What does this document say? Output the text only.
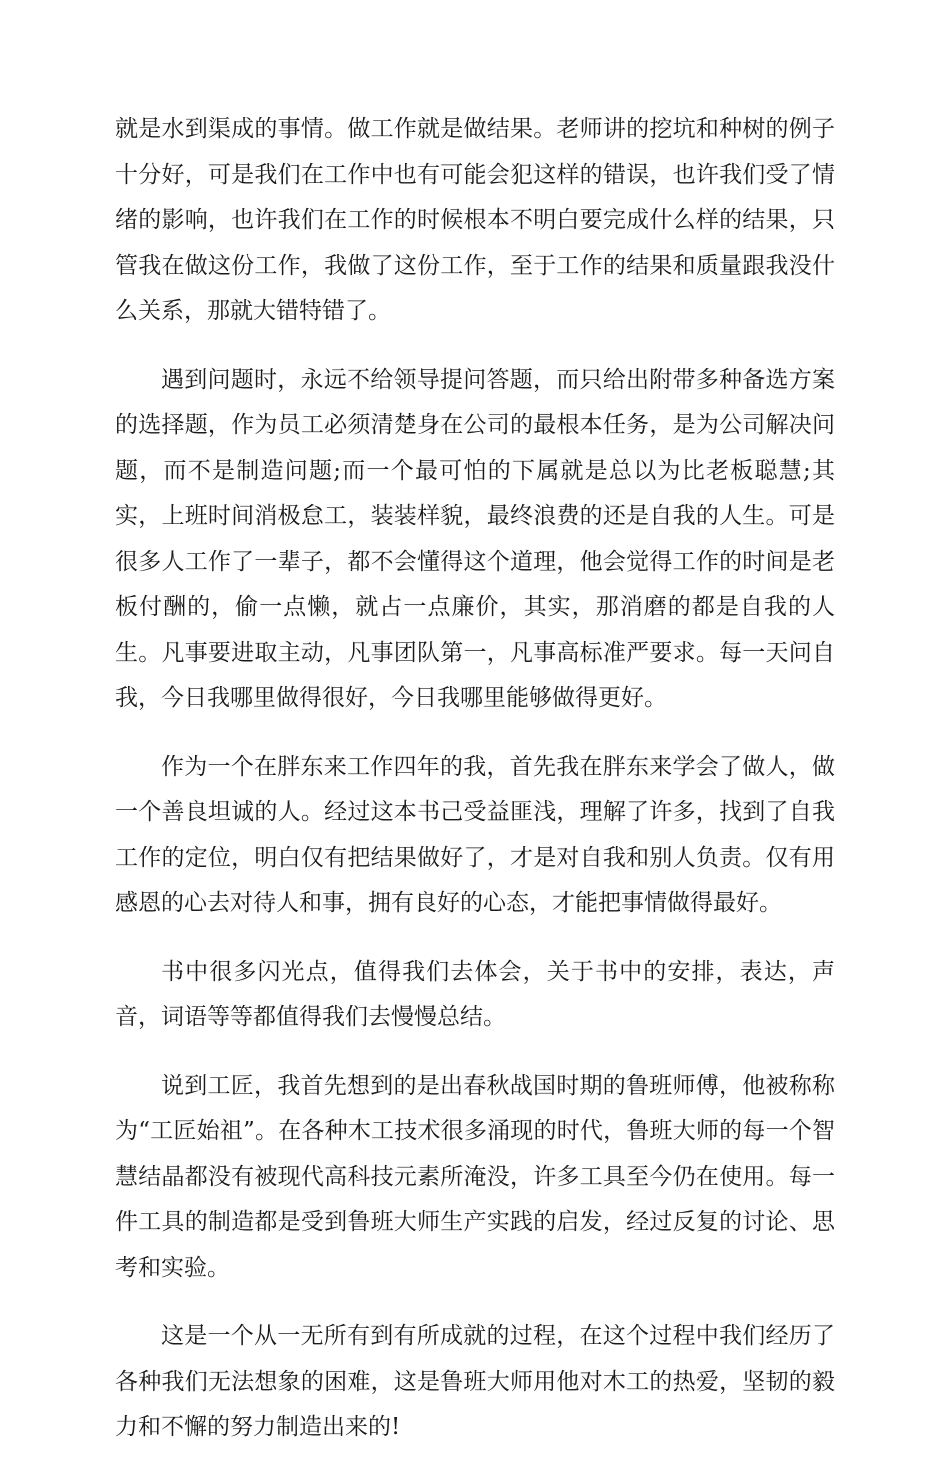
就是水到渠成的事情。做工作就是做结果。老师讲的挖坑和种树的例子十分好，可是我们在工作中也有可能会犯这样的错误，也许我们受了情绪的影响，也许我们在工作的时候根本不明白要完成什么样的结果，只管我在做这份工作，我做了这份工作，至于工作的结果和质量跟我没什么关系，那就大错特错了。

遇到问题时，永远不给领导提问答题，而只给出附带多种备选方案的选择题，作为员工必须清楚身在公司的最根本任务，是为公司解决问题，而不是制造问题;而一个最可怕的下属就是总以为比老板聪慧;其实，上班时间消极怠工，装装样貌，最终浪费的还是自我的人生。可是很多人工作了一辈子，都不会懂得这个道理，他会觉得工作的时间是老板付酬的，偷一点懒，就占一点廉价，其实，那消磨的都是自我的人生。凡事要进取主动，凡事团队第一，凡事高标准严要求。每一天问自我，今日我哪里做得很好，今日我哪里能够做得更好。

作为一个在胖东来工作四年的我，首先我在胖东来学会了做人，做一个善良坦诚的人。经过这本书己受益匪浅，理解了许多，找到了自我工作的定位，明白仅有把结果做好了，才是对自我和别人负责。仅有用感恩的心去对待人和事，拥有良好的心态，才能把事情做得最好。

书中很多闪光点，值得我们去体会，关于书中的安排，表达，声音，词语等等都值得我们去慢慢总结。

说到工匠，我首先想到的是出春秋战国时期的鲁班师傅，他被称称为“工匠始祖”。在各种木工技术很多涌现的时代，鲁班大师的每一个智慧结晶都没有被现代高科技元素所淹没，许多工具至今仍在使用。每一件工具的制造都是受到鲁班大师生产实践的启发，经过反复的讨论、思考和实验。

这是一个从一无所有到有所成就的过程，在这个过程中我们经历了各种我们无法想象的困难，这是鲁班大师用他对木工的热爱，坚韧的毅力和不懈的努力制造出来的!
